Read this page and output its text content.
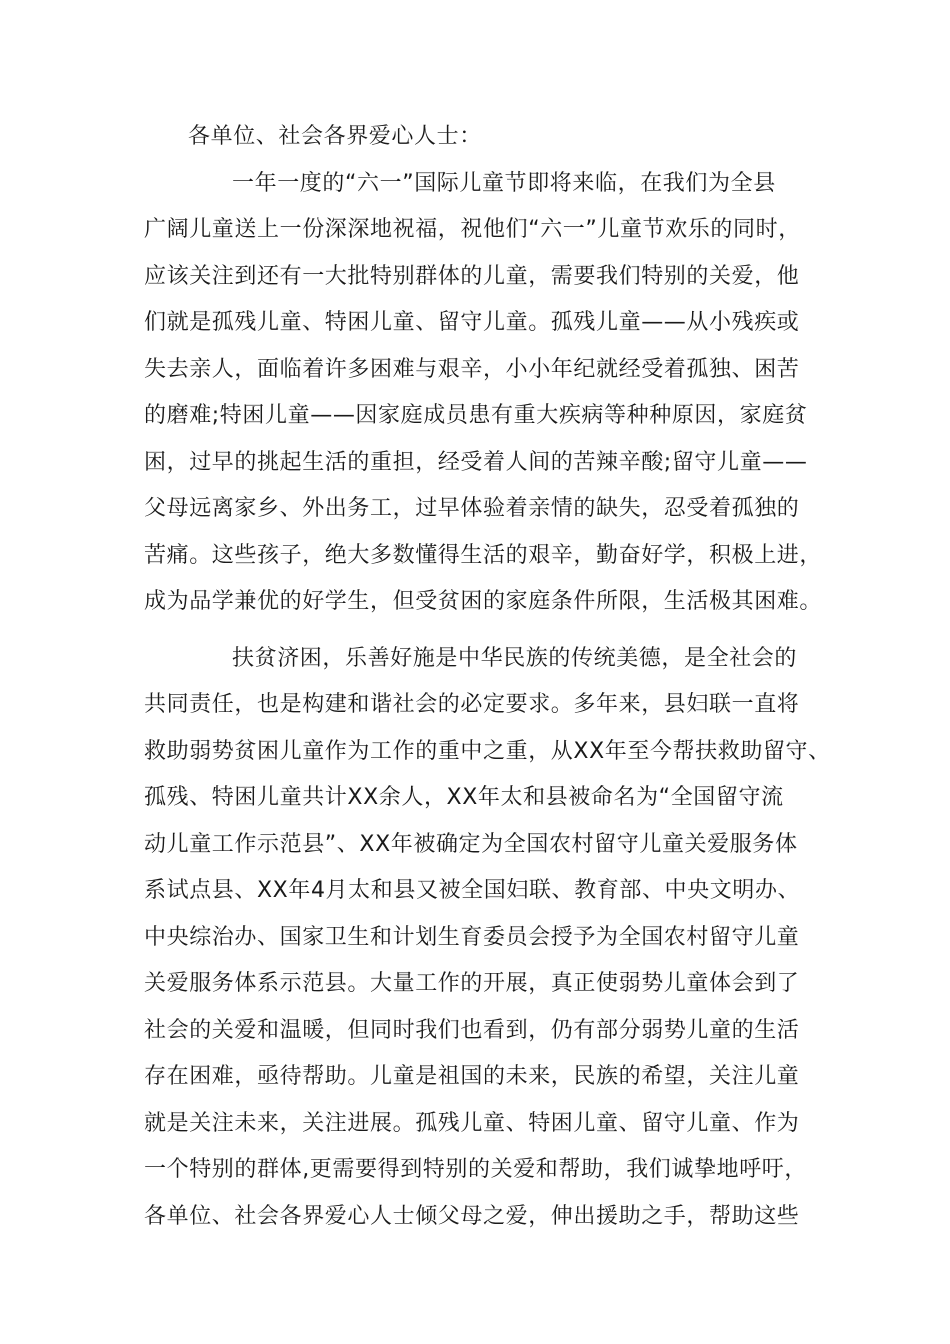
各单位、社会各界爱心人士：
一年一度的“六一”国际儿童节即将来临，在我们为全县
广阔儿童送上一份深深地祝福，祝他们“六一”儿童节欢乐的同时，
应该关注到还有一大批特别群体的儿童，需要我们特别的关爱，他
们就是孤残儿童、特困儿童、留守儿童。孤残儿童——从小残疾或
失去亲人，面临着许多困难与艰辛，小小年纪就经受着孤独、困苦
的磨难;特困儿童——因家庭成员患有重大疾病等种种原因，家庭贫
困，过早的挑起生活的重担，经受着人间的苦辣辛酸;留守儿童——
父母远离家乡、外出务工，过早体验着亲情的缺失，忍受着孤独的
苦痛。这些孩子，绝大多数懂得生活的艰辛，勤奋好学，积极上进，
成为品学兼优的好学生，但受贫困的家庭条件所限，生活极其困难。
扶贫济困，乐善好施是中华民族的传统美德，是全社会的
共同责任，也是构建和谐社会的必定要求。多年来，县妇联一直将
救助弱势贫困儿童作为工作的重中之重，从XX年至今帮扶救助留守、
孤残、特困儿童共计XX余人，XX年太和县被命名为“全国留守流
动儿童工作示范县”、XX年被确定为全国农村留守儿童关爱服务体
系试点县、XX年4月太和县又被全国妇联、教育部、中央文明办、
中央综治办、国家卫生和计划生育委员会授予为全国农村留守儿童
关爱服务体系示范县。大量工作的开展，真正使弱势儿童体会到了
社会的关爱和温暖，但同时我们也看到，仍有部分弱势儿童的生活
存在困难，亟待帮助。儿童是祖国的未来，民族的希望，关注儿童
就是关注未来，关注进展。孤残儿童、特困儿童、留守儿童、作为
一个特别的群体,更需要得到特别的关爱和帮助，我们诚挚地呼吁，
各单位、社会各界爱心人士倾父母之爱，伸出援助之手，帮助这些
